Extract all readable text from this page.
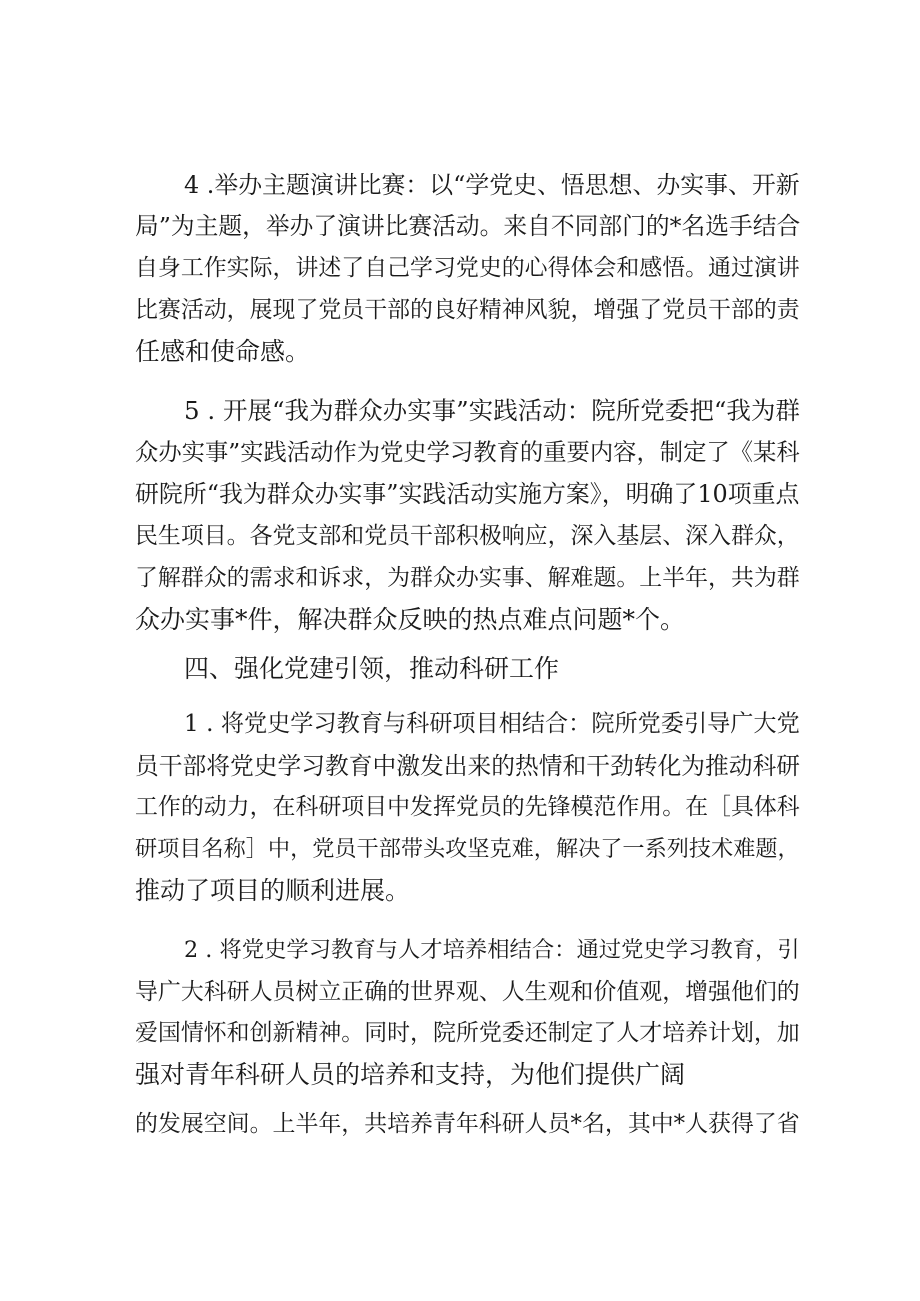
4 .举办主题演讲比赛：以“学党史、悟思想、办实事、开新

局”为主题，举办了演讲比赛活动。来自不同部门的*名选手结合

自身工作实际，讲述了自己学习党史的心得体会和感悟。通过演讲

比赛活动，展现了党员干部的良好精神风貌，增强了党员干部的责

任感和使命感。

5 . 开展“我为群众办实事”实践活动：院所党委把“我为群

众办实事”实践活动作为党史学习教育的重要内容，制定了《某科

研院所“我为群众办实事”实践活动实施方案》，明确了10项重点

民生项目。各党支部和党员干部积极响应，深入基层、深入群众，

了解群众的需求和诉求，为群众办实事、解难题。上半年，共为群

众办实事*件，解决群众反映的热点难点问题*个。

四、强化党建引领，推动科研工作

1 . 将党史学习教育与科研项目相结合：院所党委引导广大党

员干部将党史学习教育中激发出来的热情和干劲转化为推动科研

工作的动力，在科研项目中发挥党员的先锋模范作用。在［具体科

研项目名称］中，党员干部带头攻坚克难，解决了一系列技术难题，

推动了项目的顺利进展。

2 . 将党史学习教育与人才培养相结合：通过党史学习教育，引

导广大科研人员树立正确的世界观、人生观和价值观，增强他们的

爱国情怀和创新精神。同时，院所党委还制定了人才培养计划，加

强对青年科研人员的培养和支持，为他们提供广阔

的发展空间。上半年，共培养青年科研人员*名，其中*人获得了省
